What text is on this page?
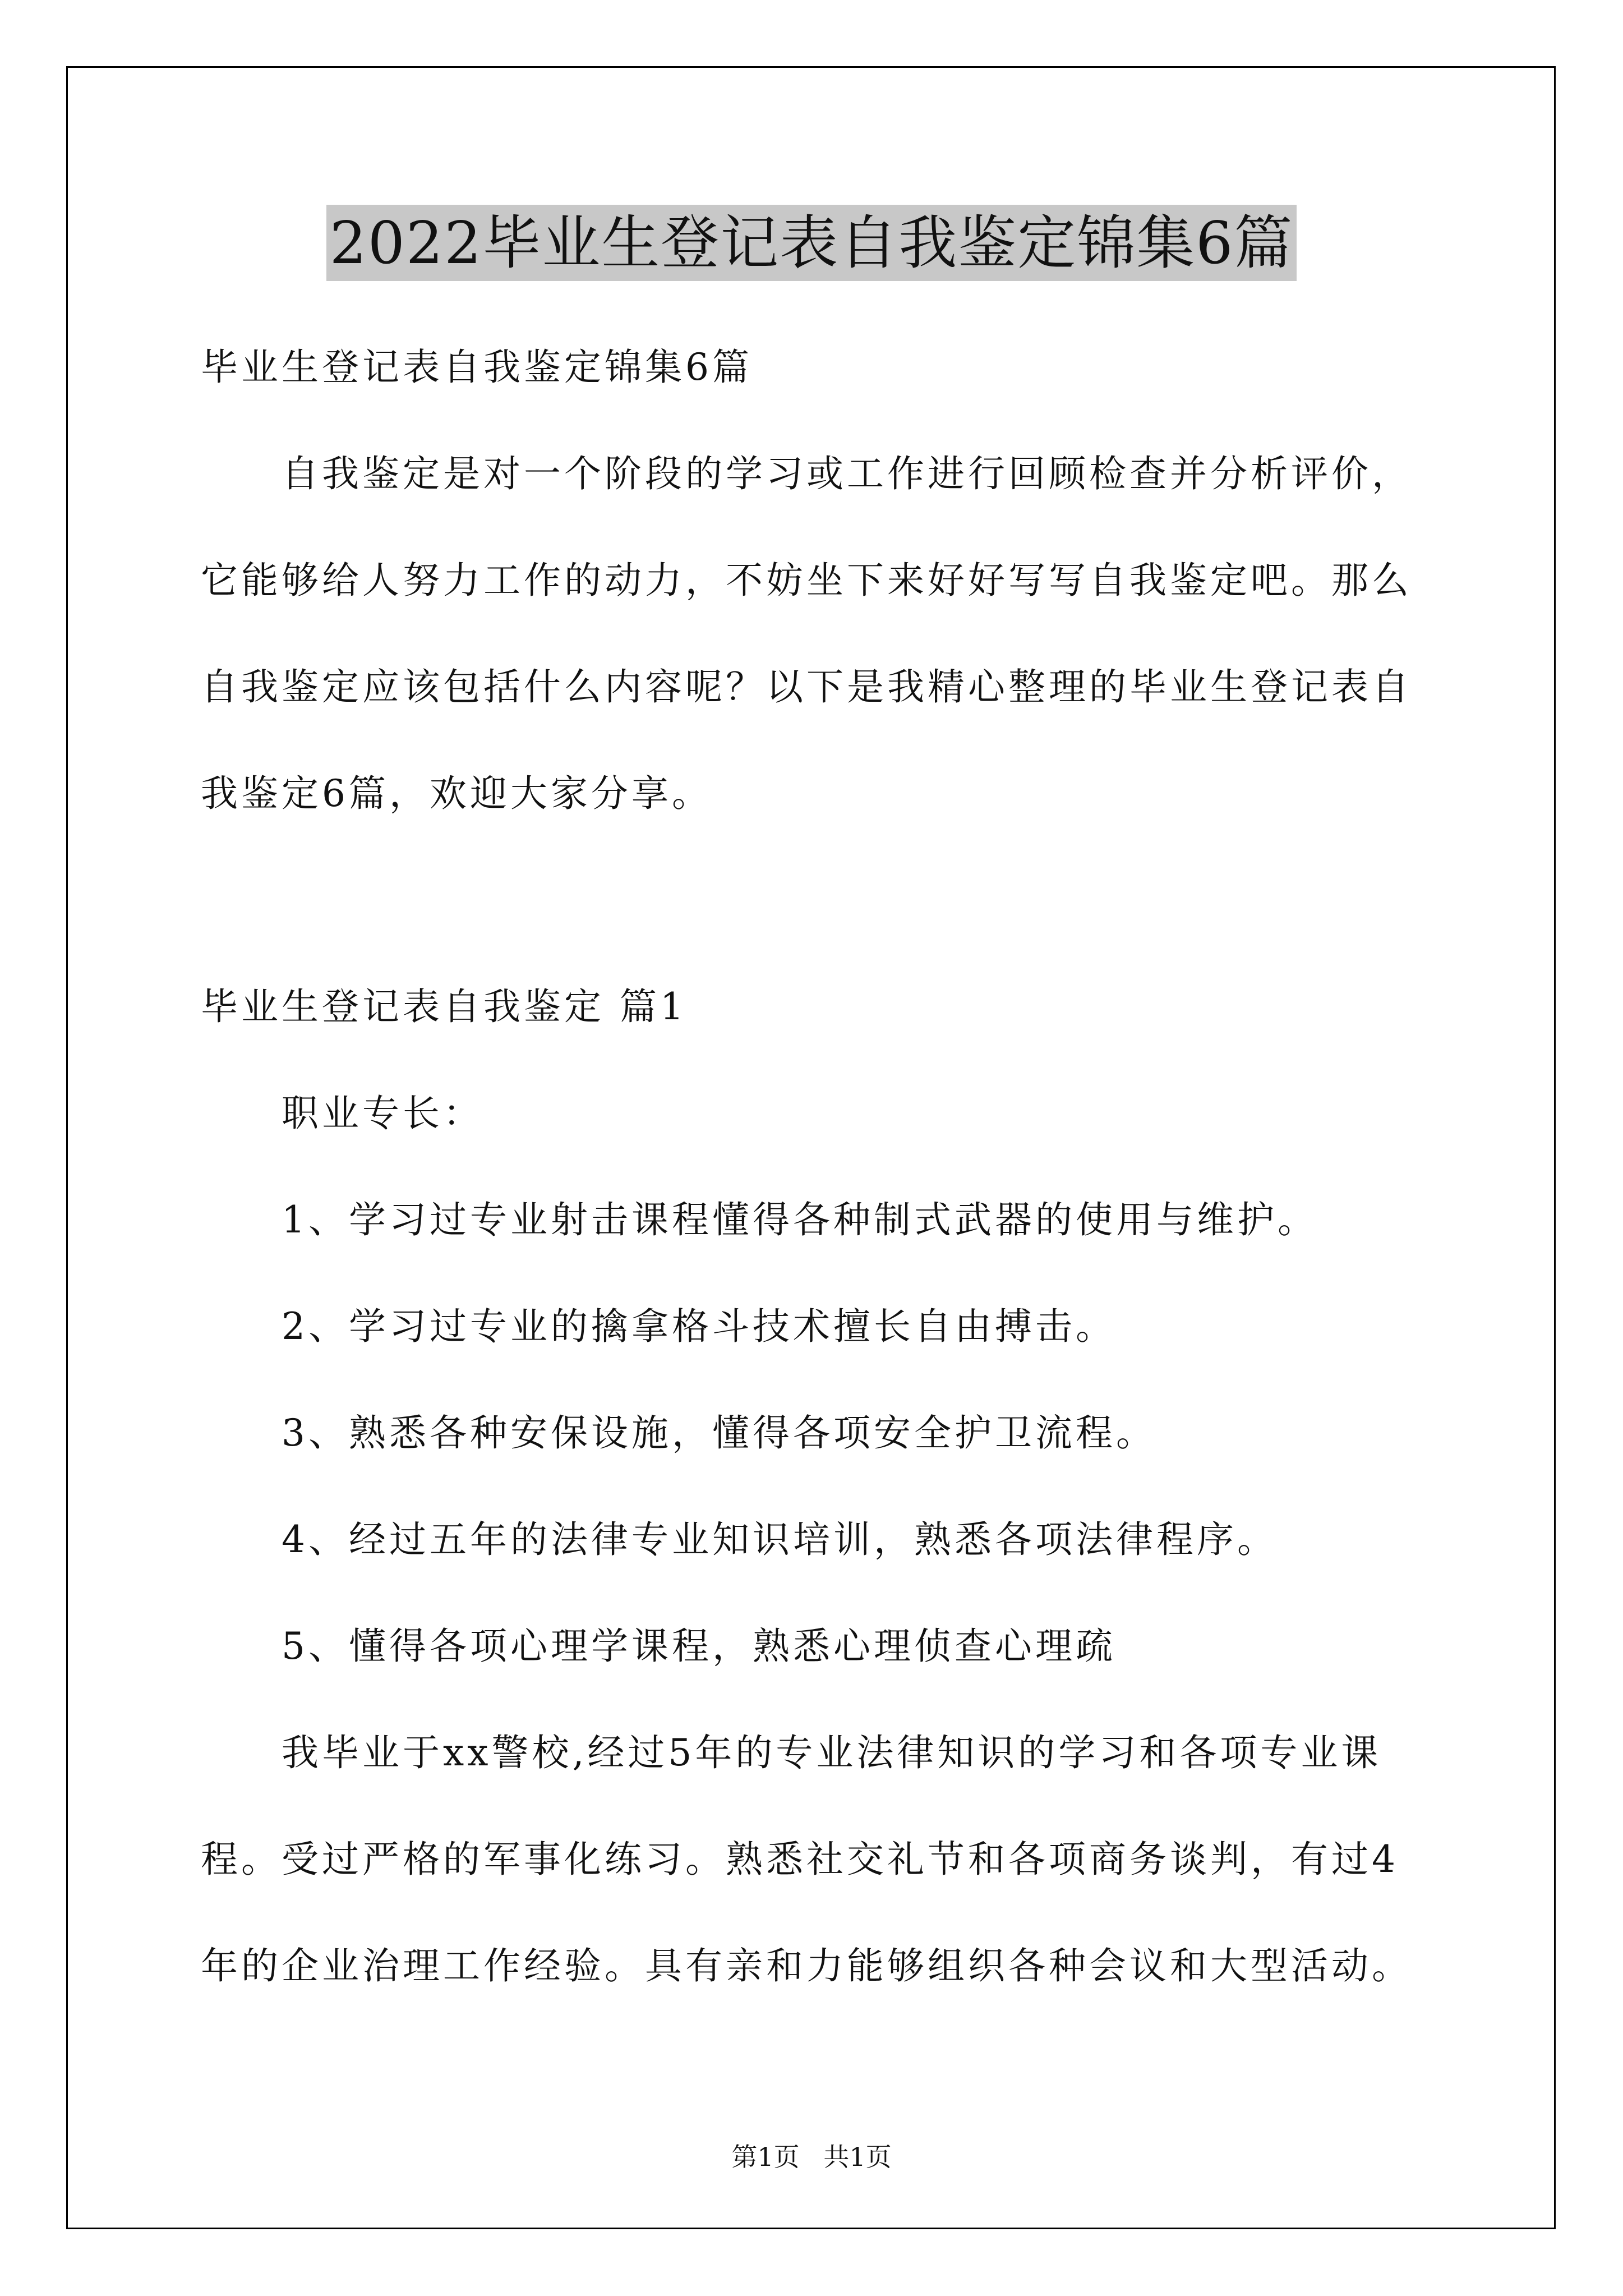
2022毕业生登记表自我鉴定锦集6篇
毕业生登记表自我鉴定锦集6篇
自我鉴定是对一个阶段的学习或工作进行回顾检查并分析评价，
它能够给人努力工作的动力，不妨坐下来好好写写自我鉴定吧。那么
自我鉴定应该包括什么内容呢？以下是我精心整理的毕业生登记表自
我鉴定6篇，欢迎大家分享。
毕业生登记表自我鉴定 篇1
职业专长：
1、学习过专业射击课程懂得各种制式武器的使用与维护。
2、学习过专业的擒拿格斗技术擅长自由搏击。
3、熟悉各种安保设施，懂得各项安全护卫流程。
4、经过五年的法律专业知识培训，熟悉各项法律程序。
5、懂得各项心理学课程，熟悉心理侦查心理疏
我毕业于xx警校,经过5年的专业法律知识的学习和各项专业课
程。受过严格的军事化练习。熟悉社交礼节和各项商务谈判，有过4
年的企业治理工作经验。具有亲和力能够组织各种会议和大型活动。
第1页 共1页
